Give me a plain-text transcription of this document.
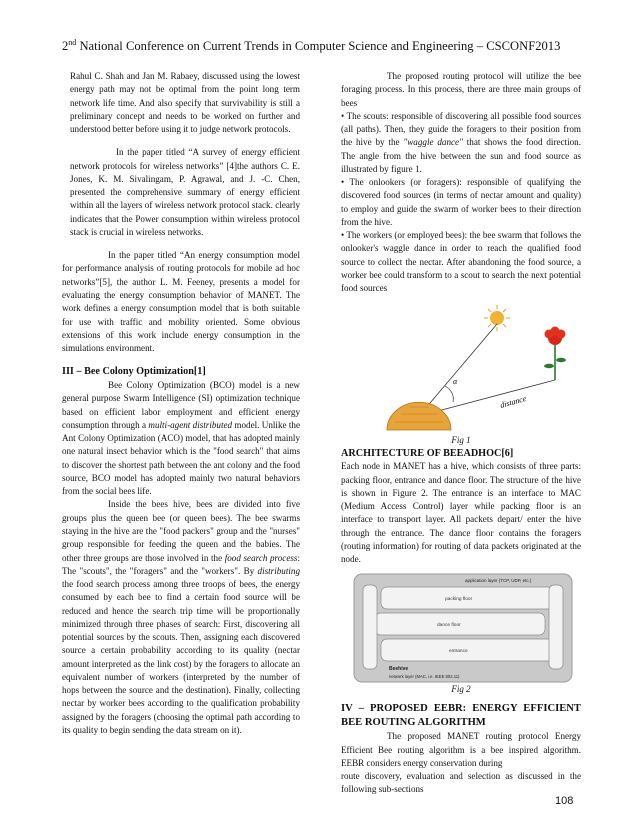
2nd National Conference on Current Trends in Computer Science and Engineering – CSCONF2013

Rahul C. Shah and Jan M. Rabaey, discussed using the lowest energy path may not be optimal from the point long term network life time. And also specify that survivability is still a preliminary concept and needs to be worked on further and understood better before using it to judge network protocols.

In the paper titled “A survey of energy efficient network protocols for wireless networks” [4]the authors C. E. Jones, K. M. Sivalingam, P. Agrawal, and J. -C. Chen, presented the comprehensive summary of energy efficient within all the layers of wireless network protocol stack. clearly indicates that the Power consumption within wireless protocol stack is crucial in wireless networks.

In the paper titled “An energy consumption model for performance analysis of routing protocols for mobile ad hoc networks”[5], the author L. M. Feeney, presents a model for evaluating the energy consumption behavior of MANET. The work defines a energy consumption model that is both suitable for use with traffic and mobility oriented. Some obvious extensions of this work include energy consumption in the simulations environment.

III – Bee Colony Optimization[1]

Bee Colony Optimization (BCO) model is a new general purpose Swarm Intelligence (SI) optimization technique based on efficient labor employment and efficient energy consumption through a multi-agent distributed model. Unlike the Ant Colony Optimization (ACO) model, that has adopted mainly one natural insect behavior which is the "food search" that aims to discover the shortest path between the ant colony and the food source, BCO model has adopted mainly two natural behaviors from the social bees life.

Inside the bees hive, bees are divided into five groups plus the queen bee (or queen bees). The bee swarms staying in the hive are the "food packers" group and the "nurses" group responsible for feeding the queen and the babies. The other three groups are those involved in the food search process: The "scouts", the "foragers" and the "workers". By distributing the food search process among three troops of bees, the energy consumed by each bee to find a certain food source will be reduced and hence the search trip time will be proportionally minimized through three phases of search: First, discovering all potential sources by the scouts. Then, assigning each discovered source a certain probability according to its quality (nectar amount interpreted as the link cost) by the foragers to allocate an equivalent number of workers (interpreted by the number of hops between the source and the destination). Finally, collecting nectar by worker bees according to the qualification probability assigned by the foragers (choosing the optimal path according to its quality to begin sending the data stream on it).

The proposed routing protocol will utilize the bee foraging process. In this process, there are three main groups of bees

• The scouts: responsible of discovering all possible food sources (all paths). Then, they guide the foragers to their position from the hive by the "waggle dance" that shows the food direction. The angle from the hive between the sun and food source as illustrated by figure 1.

• The onlookers (or foragers): responsible of qualifying the discovered food sources (in terms of nectar amount and quality) to employ and guide the swarm of worker bees to their direction from the hive.

• The workers (or employed bees): the bee swarm that follows the onlooker's waggle dance in order to reach the qualified food source to collect the nectar. After abandoning the food source, a worker bee could transform to a scout to search the next potential food sources

α
distance

Fig 1

ARCHITECTURE OF BEEADHOC[6]

Each node in MANET has a hive, which consists of three parts: packing floor, entrance and dance floor. The structure of the hive is shown in Figure 2. The entrance is an interface to MAC (Medium Access Control) layer while packing floor is an interface to transport layer. All packets depart/ enter the hive through the entrance. The dance floor contains the foragers (routing information) for routing of data packets originated at the node.

application layer (TCP, UDP, etc.)
packing floor
dance floor
entrance
Beehive
network layer (MAC, i.e. IEEE 802.11)

Fig 2

IV – PROPOSED EEBR: ENERGY EFFICIENT BEE ROUTING ALGORITHM

The proposed MANET routing protocol Energy Efficient Bee routing algorithm is a bee inspired algorithm. EEBR considers energy conservation during

route discovery, evaluation and selection as discussed in the following sub-sections

108
